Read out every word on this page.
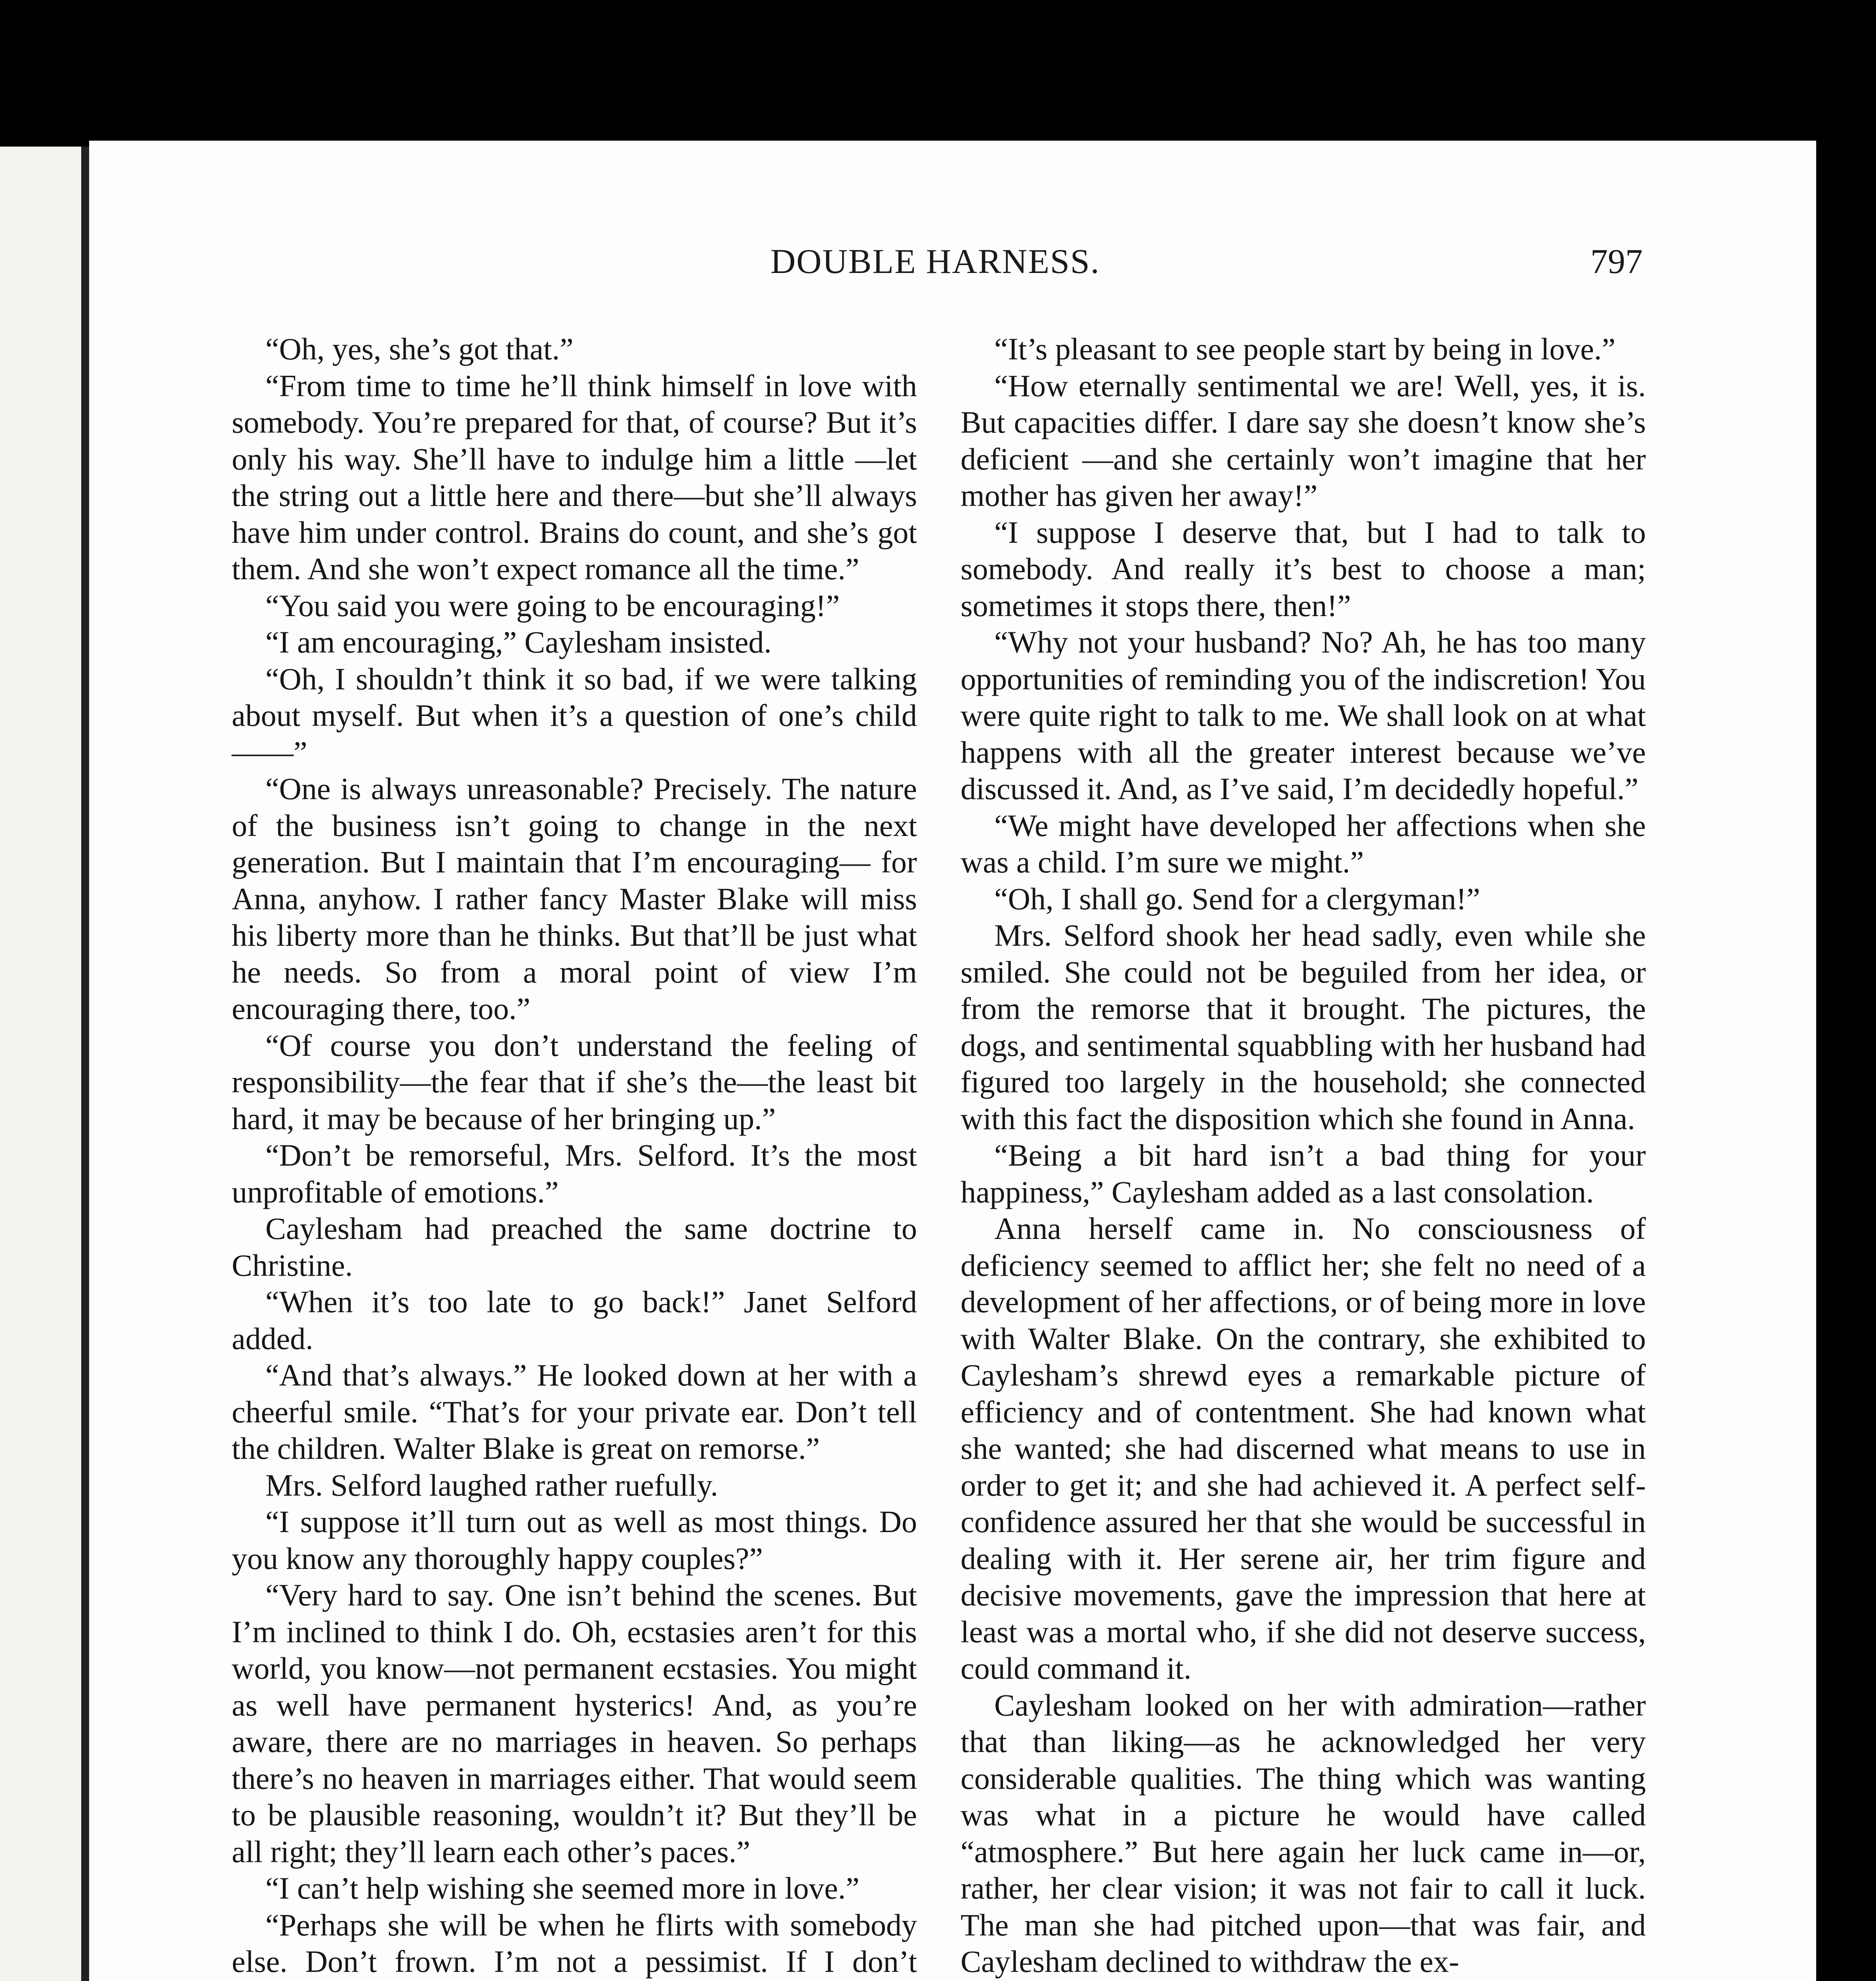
DOUBLE HARNESS.	797

“Oh, yes, she’s got that.”

“From time to time he’ll think himself in love with somebody. You’re prepared for that, of course? But it’s only his way. She’ll have to indulge him a little —let the string out a little here and there—but she’ll always have him under control. Brains do count, and she’s got them. And she won’t expect romance all the time.”

“You said you were going to be encouraging!”

“I am encouraging,” Caylesham insisted.

“Oh, I shouldn’t think it so bad, if we were talking about myself. But when it’s a question of one’s child——”

“One is always unreasonable? Precisely. The nature of the business isn’t going to change in the next generation. But I maintain that I’m encouraging— for Anna, anyhow. I rather fancy Master Blake will miss his liberty more than he thinks. But that’ll be just what he needs. So from a moral point of view I’m encouraging there, too.”

“Of course you don’t understand the feeling of responsibility—the fear that if she’s the—the least bit hard, it may be because of her bringing up.”

“Don’t be remorseful, Mrs. Selford. It’s the most unprofitable of emotions.”

Caylesham had preached the same doctrine to Christine.

“When it’s too late to go back!” Janet Selford added.

“And that’s always.” He looked down at her with a cheerful smile. “That’s for your private ear. Don’t tell the children. Walter Blake is great on remorse.”

Mrs. Selford laughed rather ruefully.

“I suppose it’ll turn out as well as most things. Do you know any thoroughly happy couples?”

“Very hard to say. One isn’t behind the scenes. But I’m inclined to think I do. Oh, ecstasies aren’t for this world, you know—not permanent ecstasies. You might as well have permanent hysterics! And, as you’re aware, there are no marriages in heaven. So perhaps there’s no heaven in marriages either. That would seem to be plausible reasoning, wouldn’t it? But they’ll be all right; they’ll learn each other’s paces.”

“I can’t help wishing she seemed more in love.”

“Perhaps she will be when he flirts with somebody else. Don’t frown. I’m not a pessimist. If I don’t

“It’s pleasant to see people start by being in love.”

“How eternally sentimental we are! Well, yes, it is. But capacities differ. I dare say she doesn’t know she’s deficient —and she certainly won’t imagine that her mother has given her away!”

“I suppose I deserve that, but I had to talk to somebody. And really it’s best to choose a man; sometimes it stops there, then!”

“Why not your husband? No? Ah, he has too many opportunities of reminding you of the indiscretion! You were quite right to talk to me. We shall look on at what happens with all the greater interest because we’ve discussed it. And, as I’ve said, I’m decidedly hopeful.”

“We might have developed her affections when she was a child. I’m sure we might.”

“Oh, I shall go. Send for a clergyman!”

Mrs. Selford shook her head sadly, even while she smiled. She could not be beguiled from her idea, or from the remorse that it brought. The pictures, the dogs, and sentimental squabbling with her husband had figured too largely in the household; she connected with this fact the disposition which she found in Anna.

“Being a bit hard isn’t a bad thing for your happiness,” Caylesham added as a last consolation.

Anna herself came in. No consciousness of deficiency seemed to afflict her; she felt no need of a development of her affections, or of being more in love with Walter Blake. On the contrary, she exhibited to Caylesham’s shrewd eyes a remarkable picture of efficiency and of contentment. She had known what she wanted; she had discerned what means to use in order to get it; and she had achieved it. A perfect self-confidence assured her that she would be successful in dealing with it. Her serene air, her trim figure and decisive movements, gave the impression that here at least was a mortal who, if she did not deserve success, could command it.

Caylesham looked on her with admiration—rather that than liking—as he acknowledged her very considerable qualities. The thing which was wanting was what in a picture he would have called “atmosphere.” But here again her luck came in—or, rather, her clear vision; it was not fair to call it luck. The man she had pitched upon—that was fair, and Caylesham declined to withdraw the ex-
